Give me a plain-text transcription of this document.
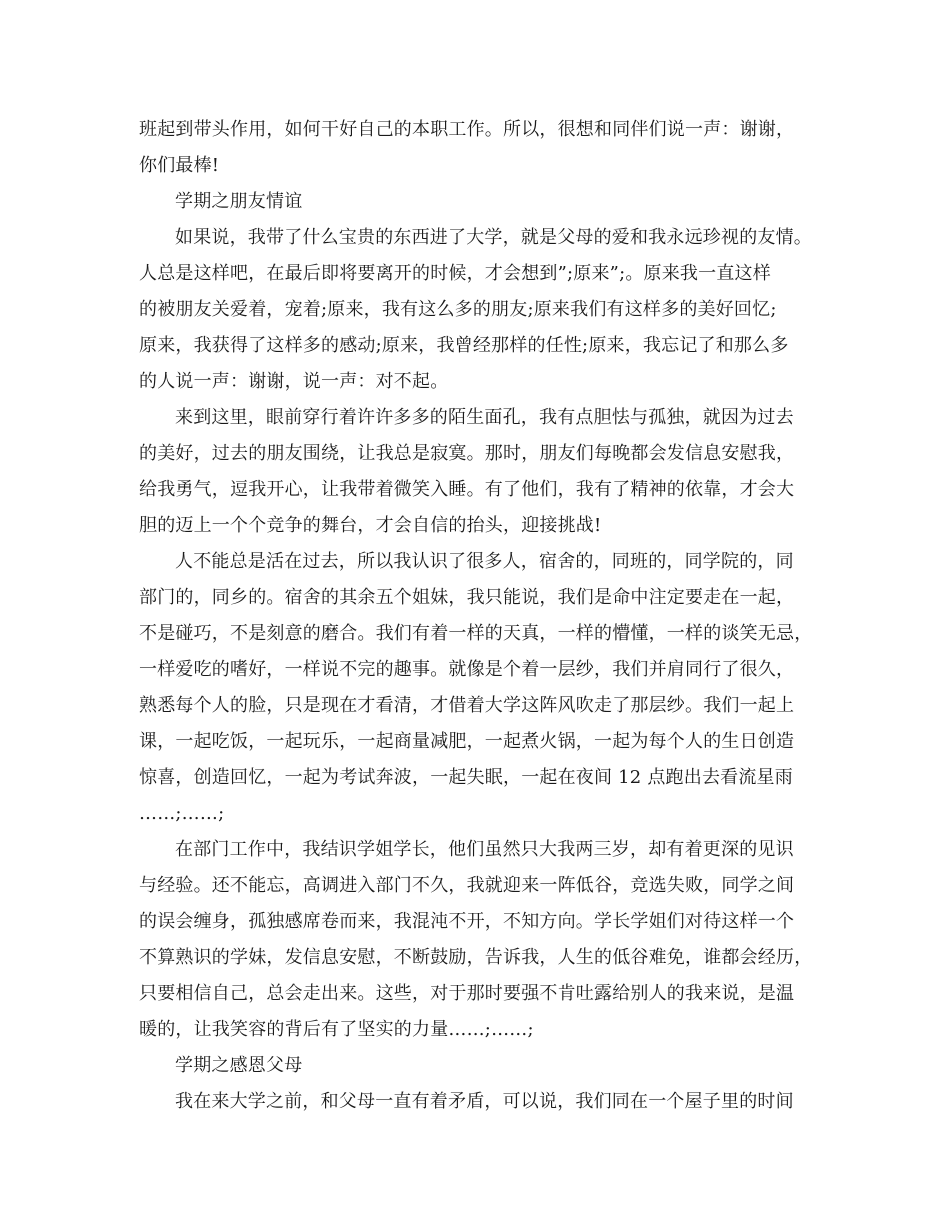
班起到带头作用，如何干好自己的本职工作。所以，很想和同伴们说一声：谢谢，
你们最棒!
学期之朋友情谊
如果说，我带了什么宝贵的东西进了大学，就是父母的爱和我永远珍视的友情。
人总是这样吧，在最后即将要离开的时候，才会想到”;原来”;。原来我一直这样
的被朋友关爱着，宠着;原来，我有这么多的朋友;原来我们有这样多的美好回忆;
原来，我获得了这样多的感动;原来，我曾经那样的任性;原来，我忘记了和那么多
的人说一声：谢谢，说一声：对不起。
来到这里，眼前穿行着许许多多的陌生面孔，我有点胆怯与孤独，就因为过去
的美好，过去的朋友围绕，让我总是寂寞。那时，朋友们每晚都会发信息安慰我，
给我勇气，逗我开心，让我带着微笑入睡。有了他们，我有了精神的依靠，才会大
胆的迈上一个个竞争的舞台，才会自信的抬头，迎接挑战!
人不能总是活在过去，所以我认识了很多人，宿舍的，同班的，同学院的，同
部门的，同乡的。宿舍的其余五个姐妹，我只能说，我们是命中注定要走在一起，
不是碰巧，不是刻意的磨合。我们有着一样的天真，一样的懵懂，一样的谈笑无忌，
一样爱吃的嗜好，一样说不完的趣事。就像是个着一层纱，我们并肩同行了很久，
熟悉每个人的脸，只是现在才看清，才借着大学这阵风吹走了那层纱。我们一起上
课，一起吃饭，一起玩乐，一起商量减肥，一起煮火锅，一起为每个人的生日创造
惊喜，创造回忆，一起为考试奔波，一起失眠，一起在夜间 12 点跑出去看流星雨
……;……;
在部门工作中，我结识学姐学长，他们虽然只大我两三岁，却有着更深的见识
与经验。还不能忘，高调进入部门不久，我就迎来一阵低谷，竞选失败，同学之间
的误会缠身，孤独感席卷而来，我混沌不开，不知方向。学长学姐们对待这样一个
不算熟识的学妹，发信息安慰，不断鼓励，告诉我，人生的低谷难免，谁都会经历，
只要相信自己，总会走出来。这些，对于那时要强不肯吐露给别人的我来说，是温
暖的，让我笑容的背后有了坚实的力量……;……;
学期之感恩父母
我在来大学之前，和父母一直有着矛盾，可以说，我们同在一个屋子里的时间
